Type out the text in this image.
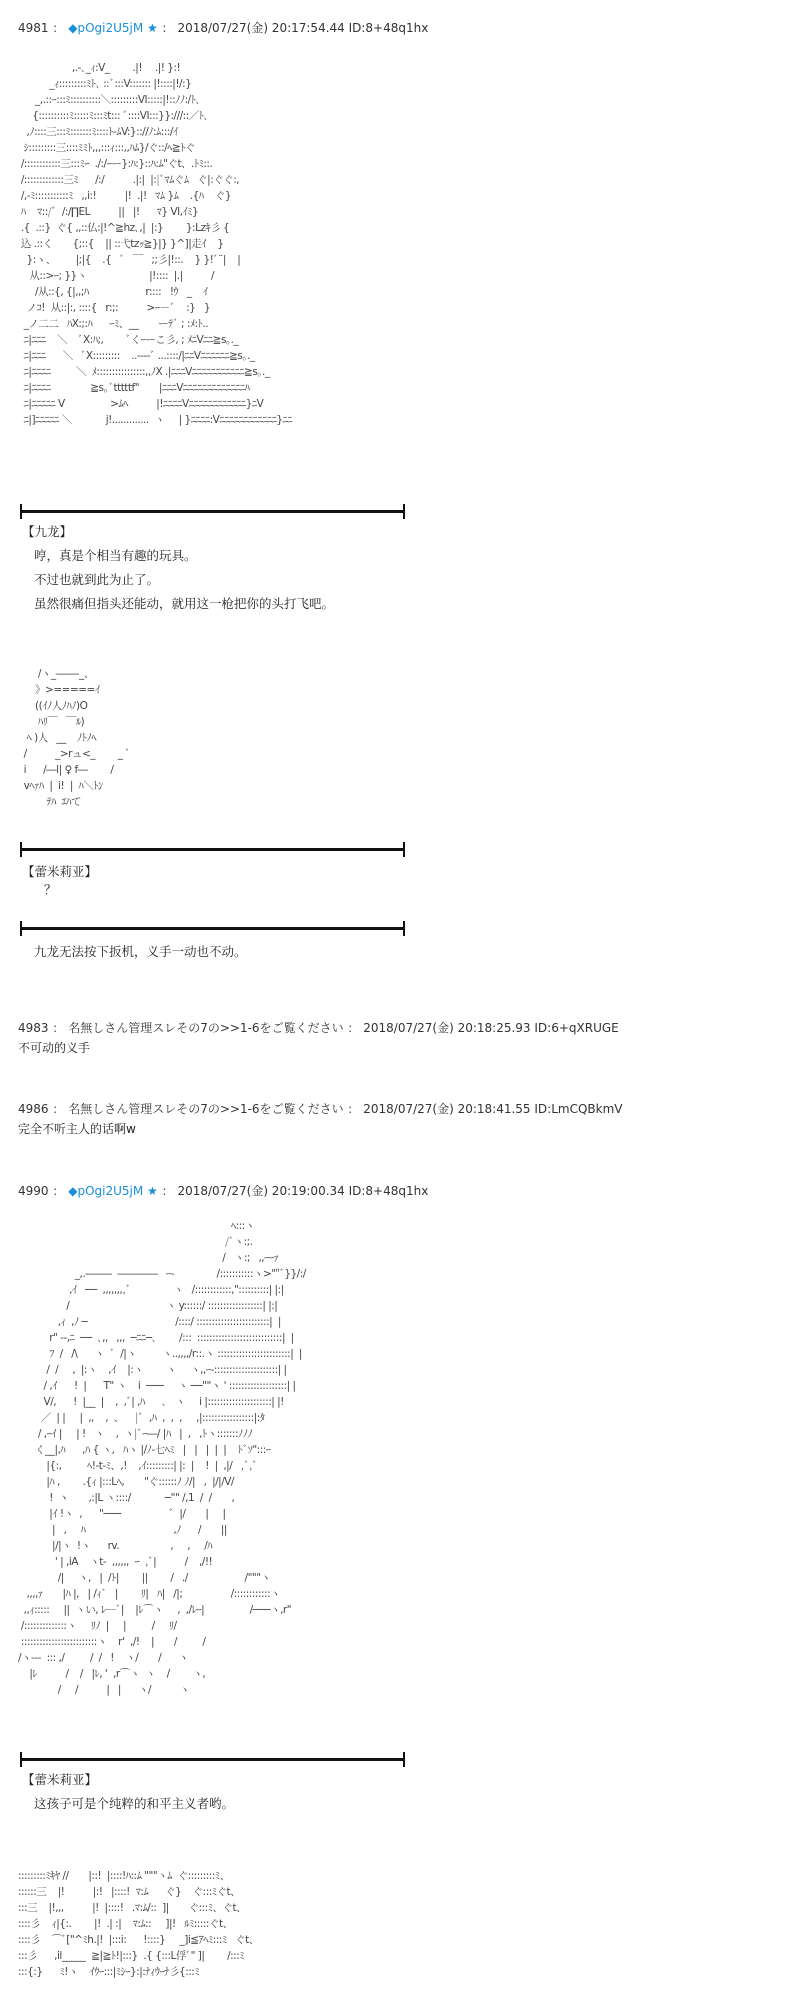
4981 ： ◆pOgi2U5jM ★ ： 2018/07/27(金) 20:17:54.44 ID:8+48q1hx
,.-､_ｨ:V_　　 .|!　 .|! }:!
_ｨ:::::::::ﾐﾄ､ ::ﾞ:::V::::::: |!::::|!/:}
_,.::ｰ:::ﾐ::::::::::＼:::::::::VI:::::|!::ﾉﾉ:/ﾄ､
{::::::::::ﾐ:::::ﾐ:::ﾐt::: ﾞ::::VI:::}}:///::／ﾄ､
,ﾉ::::三:::ﾐ:::::::ﾐ::::ﾄ-ﾑV:}:://ﾉ:ﾑ:::/ｲ
ｼ:::::::::三::::ﾐﾐﾄ,,,:::ｨ:::,,ﾊﾑ}/ぐ::/ﾍ≧ﾄぐ
/::::::::::::三:::ﾐｰ  ./:/ｰー}:ﾊ:}::ﾊ:ﾑ"ぐt、.ﾄﾐ::.
/:::::::::::::三ﾐ      /:/          .|:|  |:|ﾞﾏﾑぐﾑ   ぐ|:ぐぐ:,
/,-ﾐ:::::::::::ﾐ   ,,i:!          |!  .|!   ﾏﾑ }ﾑ    .{ﾊ    ぐ}
ﾊ    ﾏ::/ﾞ  /:/∏EL          ||   |!      ﾏ} VI,ｲﾐ}
.{  .::}  ぐ{ ,,::仏:|!^≧hz､,|  |:}        }:Lzｷ彡 {
込 .::く       {;::{    || ::弋tzｯ≧}|} }^]|走ｲ    }
}:ヽ、       |;|{    .{   ﾞ   ￣   ;;彡|!::.    } }!ﾞ¨|    |
从::>ｰ; }}ヽ                      |!::::  |.|          /
/从::{, {|,,;ﾊ                    r::::   !ｳ   _    ｲ
ノｺ!  从::|:, ::::{   r:;:          >ｰ－ﾞ    :}   }
_ノ二二   ﾊX:;:ﾊ      ｰﾐ、__       ーﾃﾞ ; :ﾒ:ﾄ..
ﾆ|ﾆﾆﾆ    ＼    ﾞX:ﾊ;,        ﾞくｰーこ彡, ; ﾒﾆVﾆﾆ≧s｡._
ﾆ|ﾆﾆﾆ      ＼   ﾞX:::::::::    ..-‐-‐ﾞ ...::::/|ﾆﾆVﾆﾆﾆﾆﾆﾆ≧s｡._
ﾆ|ﾆﾆﾆﾆ         ＼  ﾒ::::::::::::::::,,ﾉX .|ﾆﾆﾆVﾆﾆﾆﾆﾆﾆﾆﾆﾆﾆﾆ≧s｡._
ﾆ|ﾆﾆﾆﾆ              ≧s｡ﾞtttttf"       |ﾆﾆﾆVﾆﾆﾆﾆﾆﾆﾆﾆﾆﾆﾆﾆﾆﾊ
ﾆ|ﾆﾆﾆﾆﾆ V                >ﾑﾍ          |!ﾆﾆﾆﾆVﾆﾆﾆﾆﾆﾆﾆﾆﾆﾆﾆﾆ}ﾆV
ﾆ|]ﾆﾆﾆﾆﾆ ＼            j!.............  ヽ     | }ﾆﾆﾆﾆ:Vﾆﾆﾆﾆﾆﾆﾆﾆﾆﾆﾆﾆ}ﾆﾆ
【九龙】
哼，真是个相当有趣的玩具。
不过也就到此为止了。
虽然很痛但指头还能动，就用这一枪把你的头打飞吧。
/ヽ_――-_、
》>=====ｲ
((ｲﾉ人ﾉﾊﾉ)O
ﾊﾘ￣   ￣ﾙ)
ﾍ )人   __    ﾉﾄﾉﾍ
/          _>rュ<_        _ ﾞ
i      /―l| ♀ f―        /
vﾍｧﾊ  |  i!  |  ﾊ＼ﾄﾝ
ﾃﾊ  ｴﾊて
【蕾米莉亚】
？
九龙无法按下扳机，义手一动也不动。
4983 ： 名無しさん管理スレその7の>>1-6をご覧ください ： 2018/07/27(金) 20:18:25.93 ID:6+qXRUGE
不可动的义手
4986 ： 名無しさん管理スレその7の>>1-6をご覧ください ： 2018/07/27(金) 20:18:41.55 ID:LmCQBkmV
完全不听主人的话啊w
4990 ： ◆pOgi2U5jM ★ ： 2018/07/27(金) 20:19:00.34 ID:8+48q1hx
ﾍ:::ヽ
/ﾞヽ:;.
/   ヽ:;   ,,ｰｰｧ
_,.-――-  ――――   ｰ-               /:::::::::::ヽ>""ﾞ}}/:/
,ｲ   ──  ,,,,,,,,ﾞ               ヽ   /::::::::::::,"::::::::::| |:|
/                                  ヽ y::::::/ ::::::::::::::::::| |:|
,ｨ  ,ﾉ ─                               /::::/ ::::::::::::::::::::::::|  |
r" ‐‐,ﾆ  ──  ､,,   ,,,  ─ﾆﾆ─､        /:::  ::::::::::::::::::::::::::::|  |
ﾌ  /   /\      ヽ  ﾞ  /|ヽ         ヽ..,,,,/r::.ヽ ::::::::::::::::::::::::|  |
/  /     ,  |:ヽ    ,ｲ    |:ヽ        ヽ     ヽ,,ｰ‐:::::::::::::::::::::| |
/ ,ｲ      !  |      T" ヽ    i  ───     ヽ ──""ヽ ' :::::::::::::::::::| |
V/,      !  |__  |    ,  ,ﾞ| ,ﾊ      ､   ヽ     i |:::::::::::::::::::::| |!
／  | |     |  ,,    ,  、    |ﾞ  ,ﾊ  ,  ,  ,     ,|:::::::::::::::::|:ﾀ
/ ,ｰｲ |     | !   ヽ    ,  ヽ|ﾞｰ―/ |ﾊ   |  ,   ,ﾄヽ:::::::ﾉﾉﾉ
く__|,ﾊ      ,ﾊ { ヽ,   ﾊヽ |/ﾉ-七ﾍﾐ   |   |   |  |  |    ﾄﾞｿ":::ｰ
|{:,         ﾍ!-t-ﾐ、,!    ,ｲ:::::::::| |:  |    !  |  ,|/   ,ﾞ,ﾞ
|ﾊ ,        .{ｨ |:::Lﾍ,       "ぐ::::::ﾉ ﾉ/|   ,  |/|/V/
!  ヽ       ,:|L ヽ::::/            ─"" /,1  /  /       ,
|ｲ !ヽ  ,      "───                 ﾞ  |/       |     |
|   ,     ﾊ                               ,ﾉ      /       ||
|/|ヽ  !ヽ      rv.                  ,     ,     /ﾊ
' | ,iA    ヽt-  ,,,,,,  ｰ  ,ﾞ|          /    ,/!!
/|     ヽ,   |  /ﾄ|        ||        /   ./                    /"""ヽ
,,,,ｧ       |ﾊ |,   | /ｨﾞ   |        ﾘ|   ﾊ|   /|;                 /::::::::::::ヽ
,,ｨ:::::     ||  ヽい, ﾚ─ﾞ|    |ﾚ⌒ヽ     ,  ,/ﾚｰ|                /───ヽ,r"
/::::::::::::::ヽ     ﾘﾉ  |     |         /     ﾘ/
:::::::::::::::::::::::::ヽ    r'  ,/!    |       /         /
/ヽ---  ::: ,/         /  /   !    ヽ/       /      ヽ
|ﾚ          /    /   |ﾚ, '  ,r⌒ヽ  ヽ    /        ヽ,
/     /          |   |      ヽ/          ヽ
【蕾米莉亚】
这孩子可是个纯粹的和平主义者哟。
:::::::::ﾐｷﾔ //       |::!  |::::!ﾊ::ﾑ """ヽﾑ  ぐ:::::::::ﾐ、
::::::三    |!          |:!   |::::!  ﾏ:ﾑ      ぐ}    ぐ:::ﾐぐt、
:::三    |!,,,          |!  |::::!   .ﾏ:ﾑ/::  ]|       ぐ:::ﾐ、ぐt、
::::彡    ｨ|{:.        |!  .| :|    ﾏ:ﾑ::     ]|!   ﾙﾐ:::::ぐt、
::::彡    ⌒ﾞ["^ﾐh.|!  |:::i:      !::::}     _]i≦ｱﾍﾐ:::ﾐ   ぐt、
:::彡      ,il_____  ≧|≧ﾄ!|:::}  .{ {:::L俘ﾞ" ]|        /:::ﾐ
:::{:}      ﾐ!ヽ    ｲｳｰ:::|ﾐｼｰ}:|:ﾅｨｳｰﾅ彡{:::ﾐ
